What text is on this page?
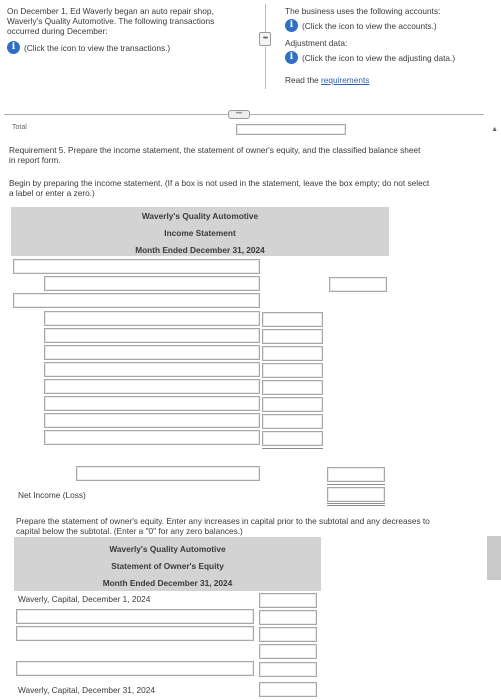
On December 1, Ed Waverly began an auto repair shop,
Waverly's Quality Automotive. The following transactions
occurred during December:
i	(Click the icon to view the transactions.)
•••
The business uses the following accounts:
i	(Click the icon to view the accounts.)
Adjustment data:
i	(Click the icon to view the adjusting data.)
Read the requirements
•••
Total	▲
Requirement 5. Prepare the income statement, the statement of owner's equity, and the classified balance sheet
in report form.
Begin by preparing the income statement. (If a box is not used in the statement, leave the box empty; do not select
a label or enter a zero.)
Waverly's Quality Automotive
Income Statement
Month Ended December 31, 2024
Net Income (Loss)
Prepare the statement of owner's equity. Enter any increases in capital prior to the subtotal and any decreases to
capital below the subtotal. (Enter a "0" for any zero balances.)
Waverly's Quality Automotive
Statement of Owner's Equity
Month Ended December 31, 2024
Waverly, Capital, December 1, 2024
Waverly, Capital, December 31, 2024
